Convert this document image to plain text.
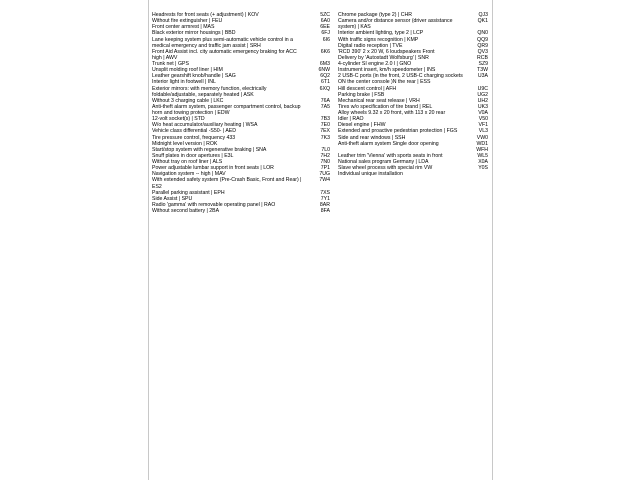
Headrests for front seats (+ adjustment) | KOV	5ZC
Without fire extinguisher | FEU	6A0
Front center armrest | MAS	6EE
Black exterior mirror housings | BBD	6FJ
Lane keeping system plus semi-automatic vehicle control in a medical emergency and traffic jam assist | SRH
6I6
Front Aid Assist incl. city automatic emergency braking for ACC high | AWV
6K6
Trunk net | GPS	6M3
Unsplit molding roof liner | HIM	6NW
Leather gearshift knob/handle | SAG	6Q2
Interior light in footwell | INL	6T1
Exterior mirrors: with memory function, electrically foldable/adjustable, separately heated | ASK
6XQ
Without 3 charging cable | LKC	76A
Anti-theft alarm system, passenger compartment control, backup horn and towing protection | EDW
7A5
12-volt socket(s) | STD	7B3
W/o heat accumulator/auxiliary heating | WSA	7E0
Vehicle class differential -S50- | AED	7EX
Tire pressure control, frequency 433	7K3
Midnight level version | ROK
Start/stop system with regenerative braking | SNA	7L0
Snuff plates in door apertures | E3L	7H2
Without tray on roof liner | ALS	7N0
Power adjustable lumbar support in front seats | LOR	7P1
Navigation system -- high | MAV	7UG
With extended safety system (Pre-Crash Basic, Front and Rear) | ES2
7W4
Parallel parking assistant | EPH	7XS
Side Assist | SPU	7Y1
Radio 'gamma' with removable operating panel | RAO	8AR
Without second battery | 2BA	8FA
Chrome package (type 2) | CHR	QJ3
Camera and/or distance sensor (driver assistance system) | KAS
QK1
Interior ambient lighting, type 2 | LCP	QN0
With traffic signs recognition | KMP	QQ9
Digital radio reception | TVE	QR9
'RCD 390' 2 x 20 W, 6 loudspeakers Front	QV3
Delivery by 'Autostadt Wolfsburg' | SNR	RCB
4-cylinder SI engine 2.0 l | GNO	SZ9
Instrument insert, km/h speedometer | INS	T3W
2 USB-C ports (in the front, 2 USB-C charging sockets ON the center console )N the rear | ESS
U3A
Hill descent control | AFH	U9C
Parking brake | FSB	UG2
Mechanical rear seat release | VRH	UH2
Tires w/o specification of tire brand | REL	UK3
Alloy wheels 9.32 x 20 front, with 113 x 20 rear	V0A
Idler | RAO	V50
Diesel engine | FHW	VF1
Extended and proactive pedestrian protection | FGS	VL3
Side and rear windows | SSH	VW0
Anti-theft alarm system Single door opening	WD1
WFH
Leather trim 'Vienna' with sports seats in front	WL5
National sales program Germany | LDA	X0A
Slave wheel process with special rim VW	Y0S
Individual unique installation
